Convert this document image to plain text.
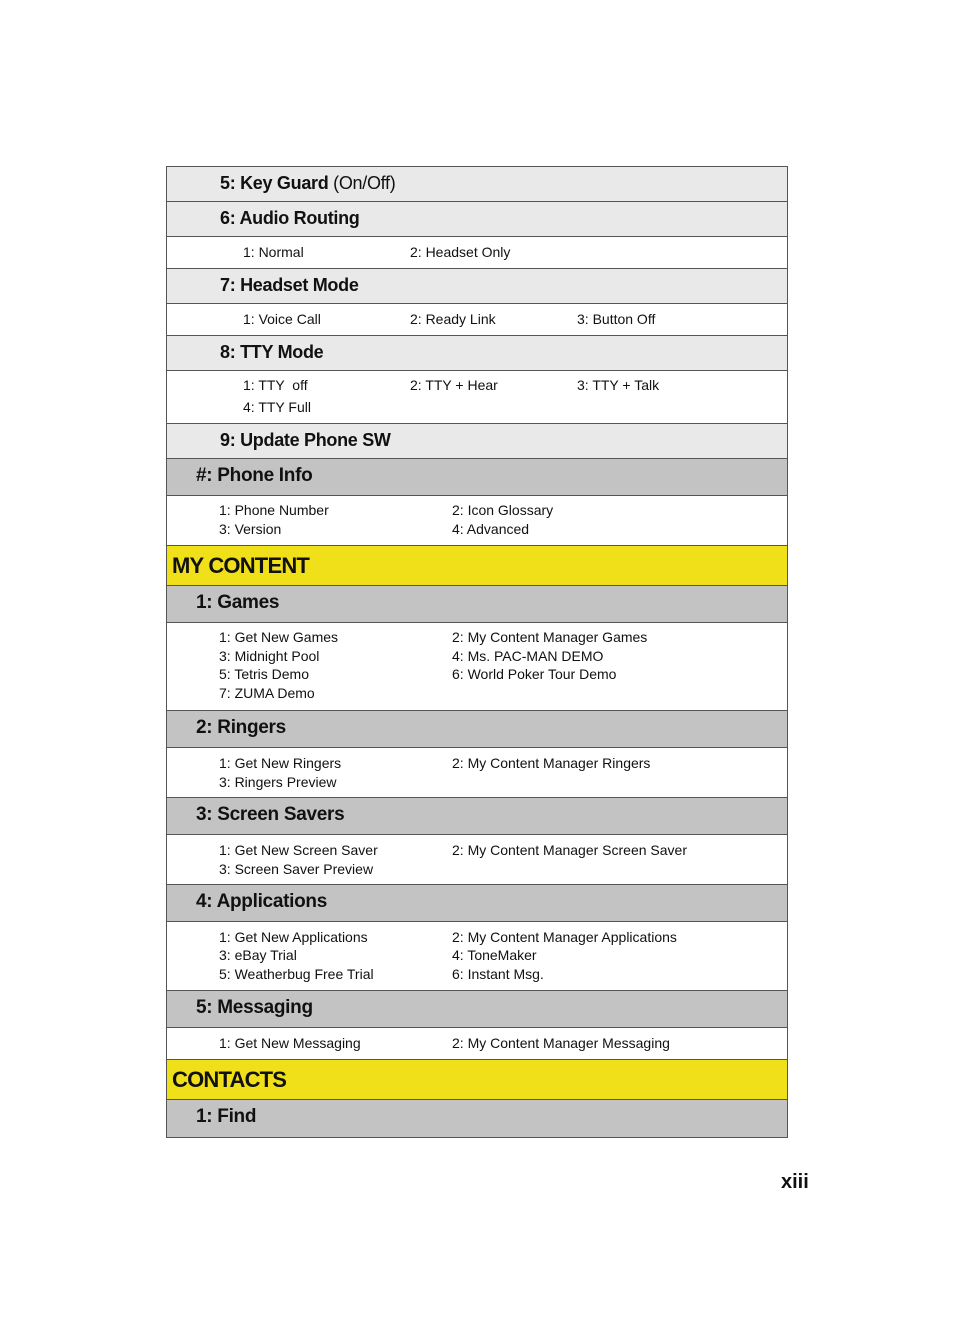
5: Key Guard (On/Off)
6: Audio Routing
1: Normal	2: Headset Only
7: Headset Mode
1: Voice Call	2: Ready Link	3: Button Off
8: TTY Mode
1: TTY  off	2: TTY + Hear	3: TTY + Talk
4: TTY Full
9: Update Phone SW
#: Phone Info
1: Phone Number	2: Icon Glossary
3: Version	4: Advanced
MY CONTENT
1: Games
1: Get New Games	2: My Content Manager Games
3: Midnight Pool	4: Ms. PAC-MAN DEMO
5: Tetris Demo	6: World Poker Tour Demo
7: ZUMA Demo
2: Ringers
1: Get New Ringers	2: My Content Manager Ringers
3: Ringers Preview
3: Screen Savers
1: Get New Screen Saver	2: My Content Manager Screen Saver
3: Screen Saver Preview
4: Applications
1: Get New Applications	2: My Content Manager Applications
3: eBay Trial	4: ToneMaker
5: Weatherbug Free Trial	6: Instant Msg.
5: Messaging
1: Get New Messaging	2: My Content Manager Messaging
CONTACTS
1: Find
xiii
